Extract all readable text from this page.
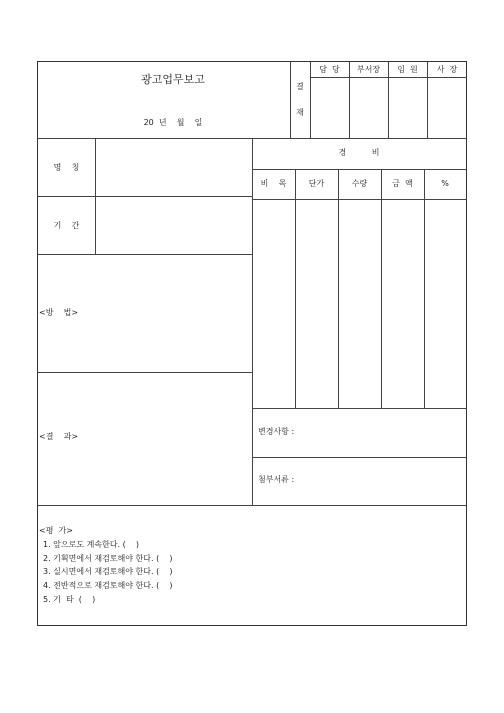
광고업무보고
20  년    월    일
결
재
담  당	부서장	임  원	사  장
명    칭
기    간
<방    법>
<결    과>
경          비
비    목	단가	수량	금  액	%
변경사항 :
첨부서류 :
<평  가>
1. 앞으로도 계속한다. (    )
2. 기획면에서 재검토해야 한다. (    )
3. 실시면에서 재검토해야 한다. (    )
4. 전반적으로 재검토해야 한다. (    )
5. 기  타  (    )
